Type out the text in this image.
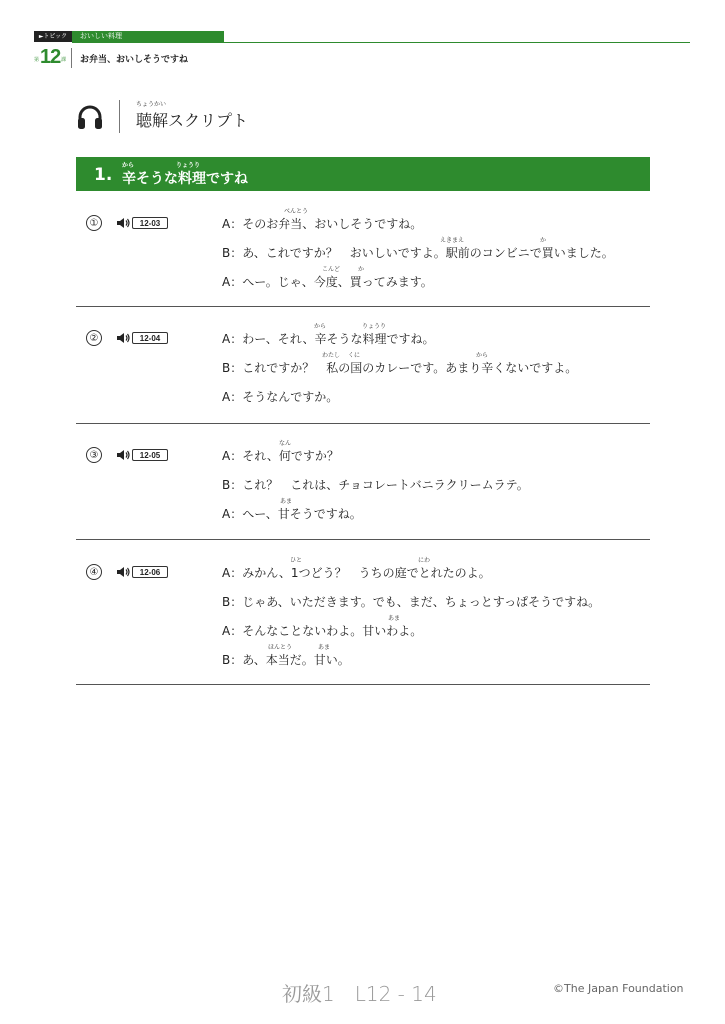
►トピック	おいしい料理
第 12 課 お弁当、おいしそうですね
ちょうかい
聴解スクリプト
1. から	りょうり
辛そうな料理ですね
①	12-03
べんとう
A：そのお弁当、おいしそうですね。
えきまえ	か
B：あ、これですか？　おいしいですよ。駅前のコンビニで買いました。
こんど	か
A：へー。じゃ、今度、買ってみます。
②	12-04
から	りょうり
A：わー、それ、辛そうな料理ですね。
わたし くに	から
B：これですか？　私の国のカレーです。あまり辛くないですよ。
A：そうなんですか。
③	12-05
なん
A：それ、何ですか？
B：これ？　これは、チョコレートバニラクリームラテ。
あま
A：へー、甘そうですね。
④	12-06
ひと	にわ
A：みかん、1つどう？　うちの庭でとれたのよ。
B：じゃあ、いただきます。でも、まだ、ちょっとすっぱそうですね。
あま
A：そんなことないわよ。甘いわよ。
ほんとう	あま
B：あ、本当だ。甘い。
初級1　L12 - 14	©The Japan Foundation
